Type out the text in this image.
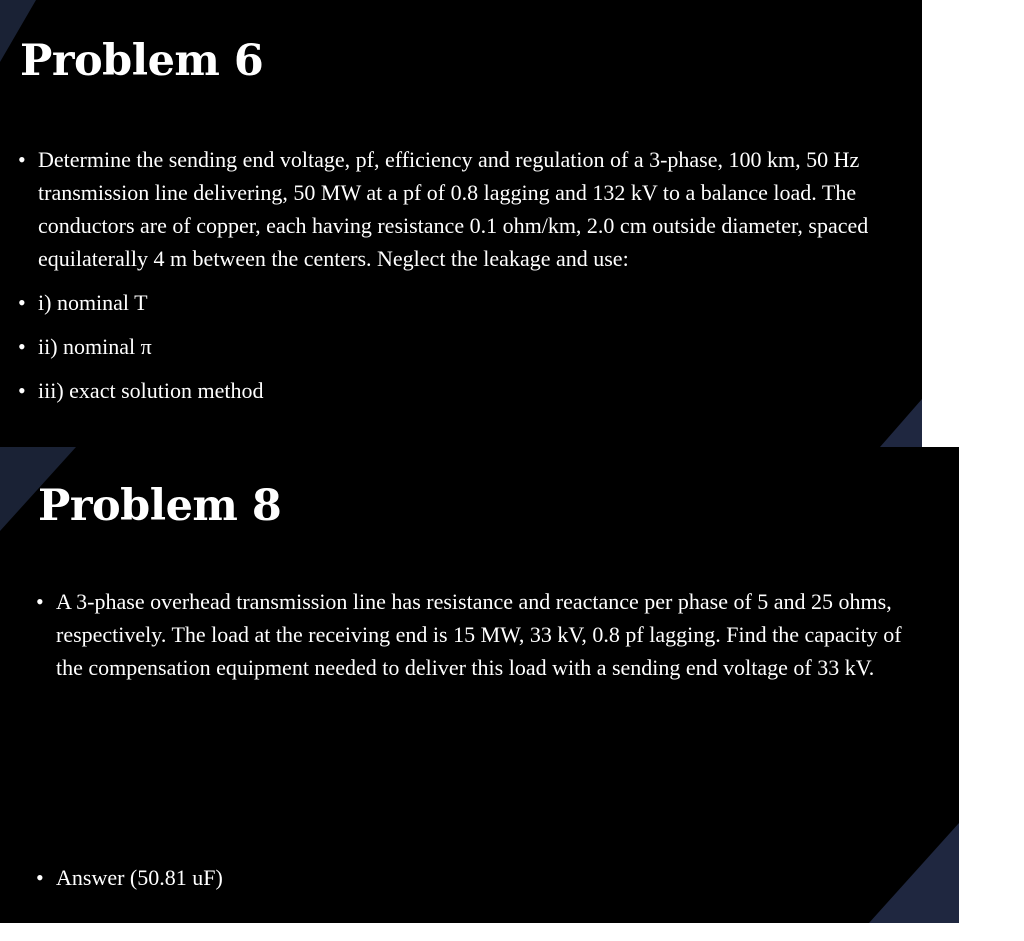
Problem 6
• Determine the sending end voltage, pf, efficiency and regulation of a 3-phase, 100 km, 50 Hz transmission line delivering, 50 MW at a pf of 0.8 lagging and 132 kV to a balance load. The conductors are of copper, each having resistance 0.1 ohm/km, 2.0 cm outside diameter, spaced equilaterally 4 m between the centers. Neglect the leakage and use:
• i) nominal T
• ii) nominal π
• iii) exact solution method
Problem 8
• A 3-phase overhead transmission line has resistance and reactance per phase of 5 and 25 ohms, respectively. The load at the receiving end is 15 MW, 33 kV, 0.8 pf lagging. Find the capacity of the compensation equipment needed to deliver this load with a sending end voltage of 33 kV.
• Answer (50.81 uF)
